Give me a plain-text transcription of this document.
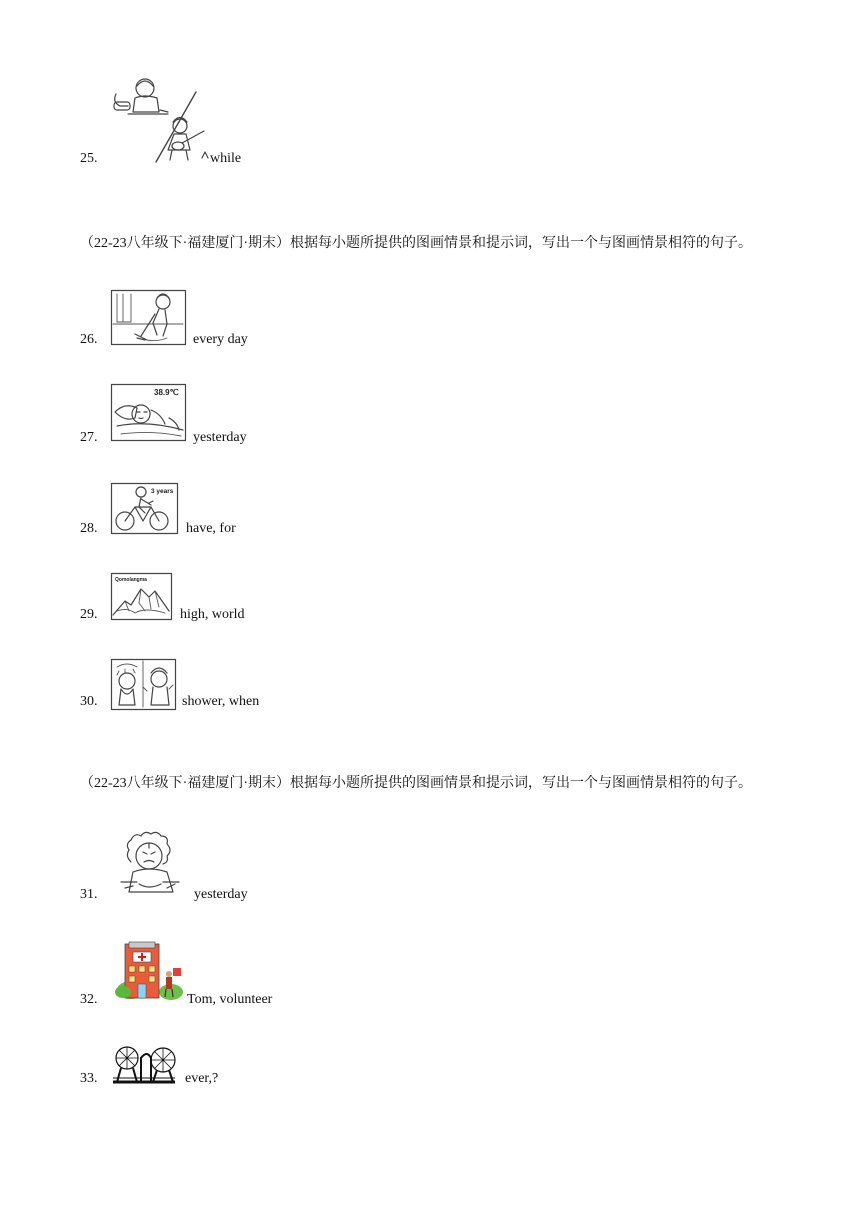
25.	while
（22-23八年级下·福建厦门·期末）根据每小题所提供的图画情景和提示词，写出一个与图画情景相符的句子。
26.	every day
27.
38.9℃
yesterday
28.
3 years
have, for
29.
Qomolangma
high, world
30.	shower, when
（22-23八年级下·福建厦门·期末）根据每小题所提供的图画情景和提示词，写出一个与图画情景相符的句子。
31.	yesterday
32.	Tom, volunteer
33.	ever,?
